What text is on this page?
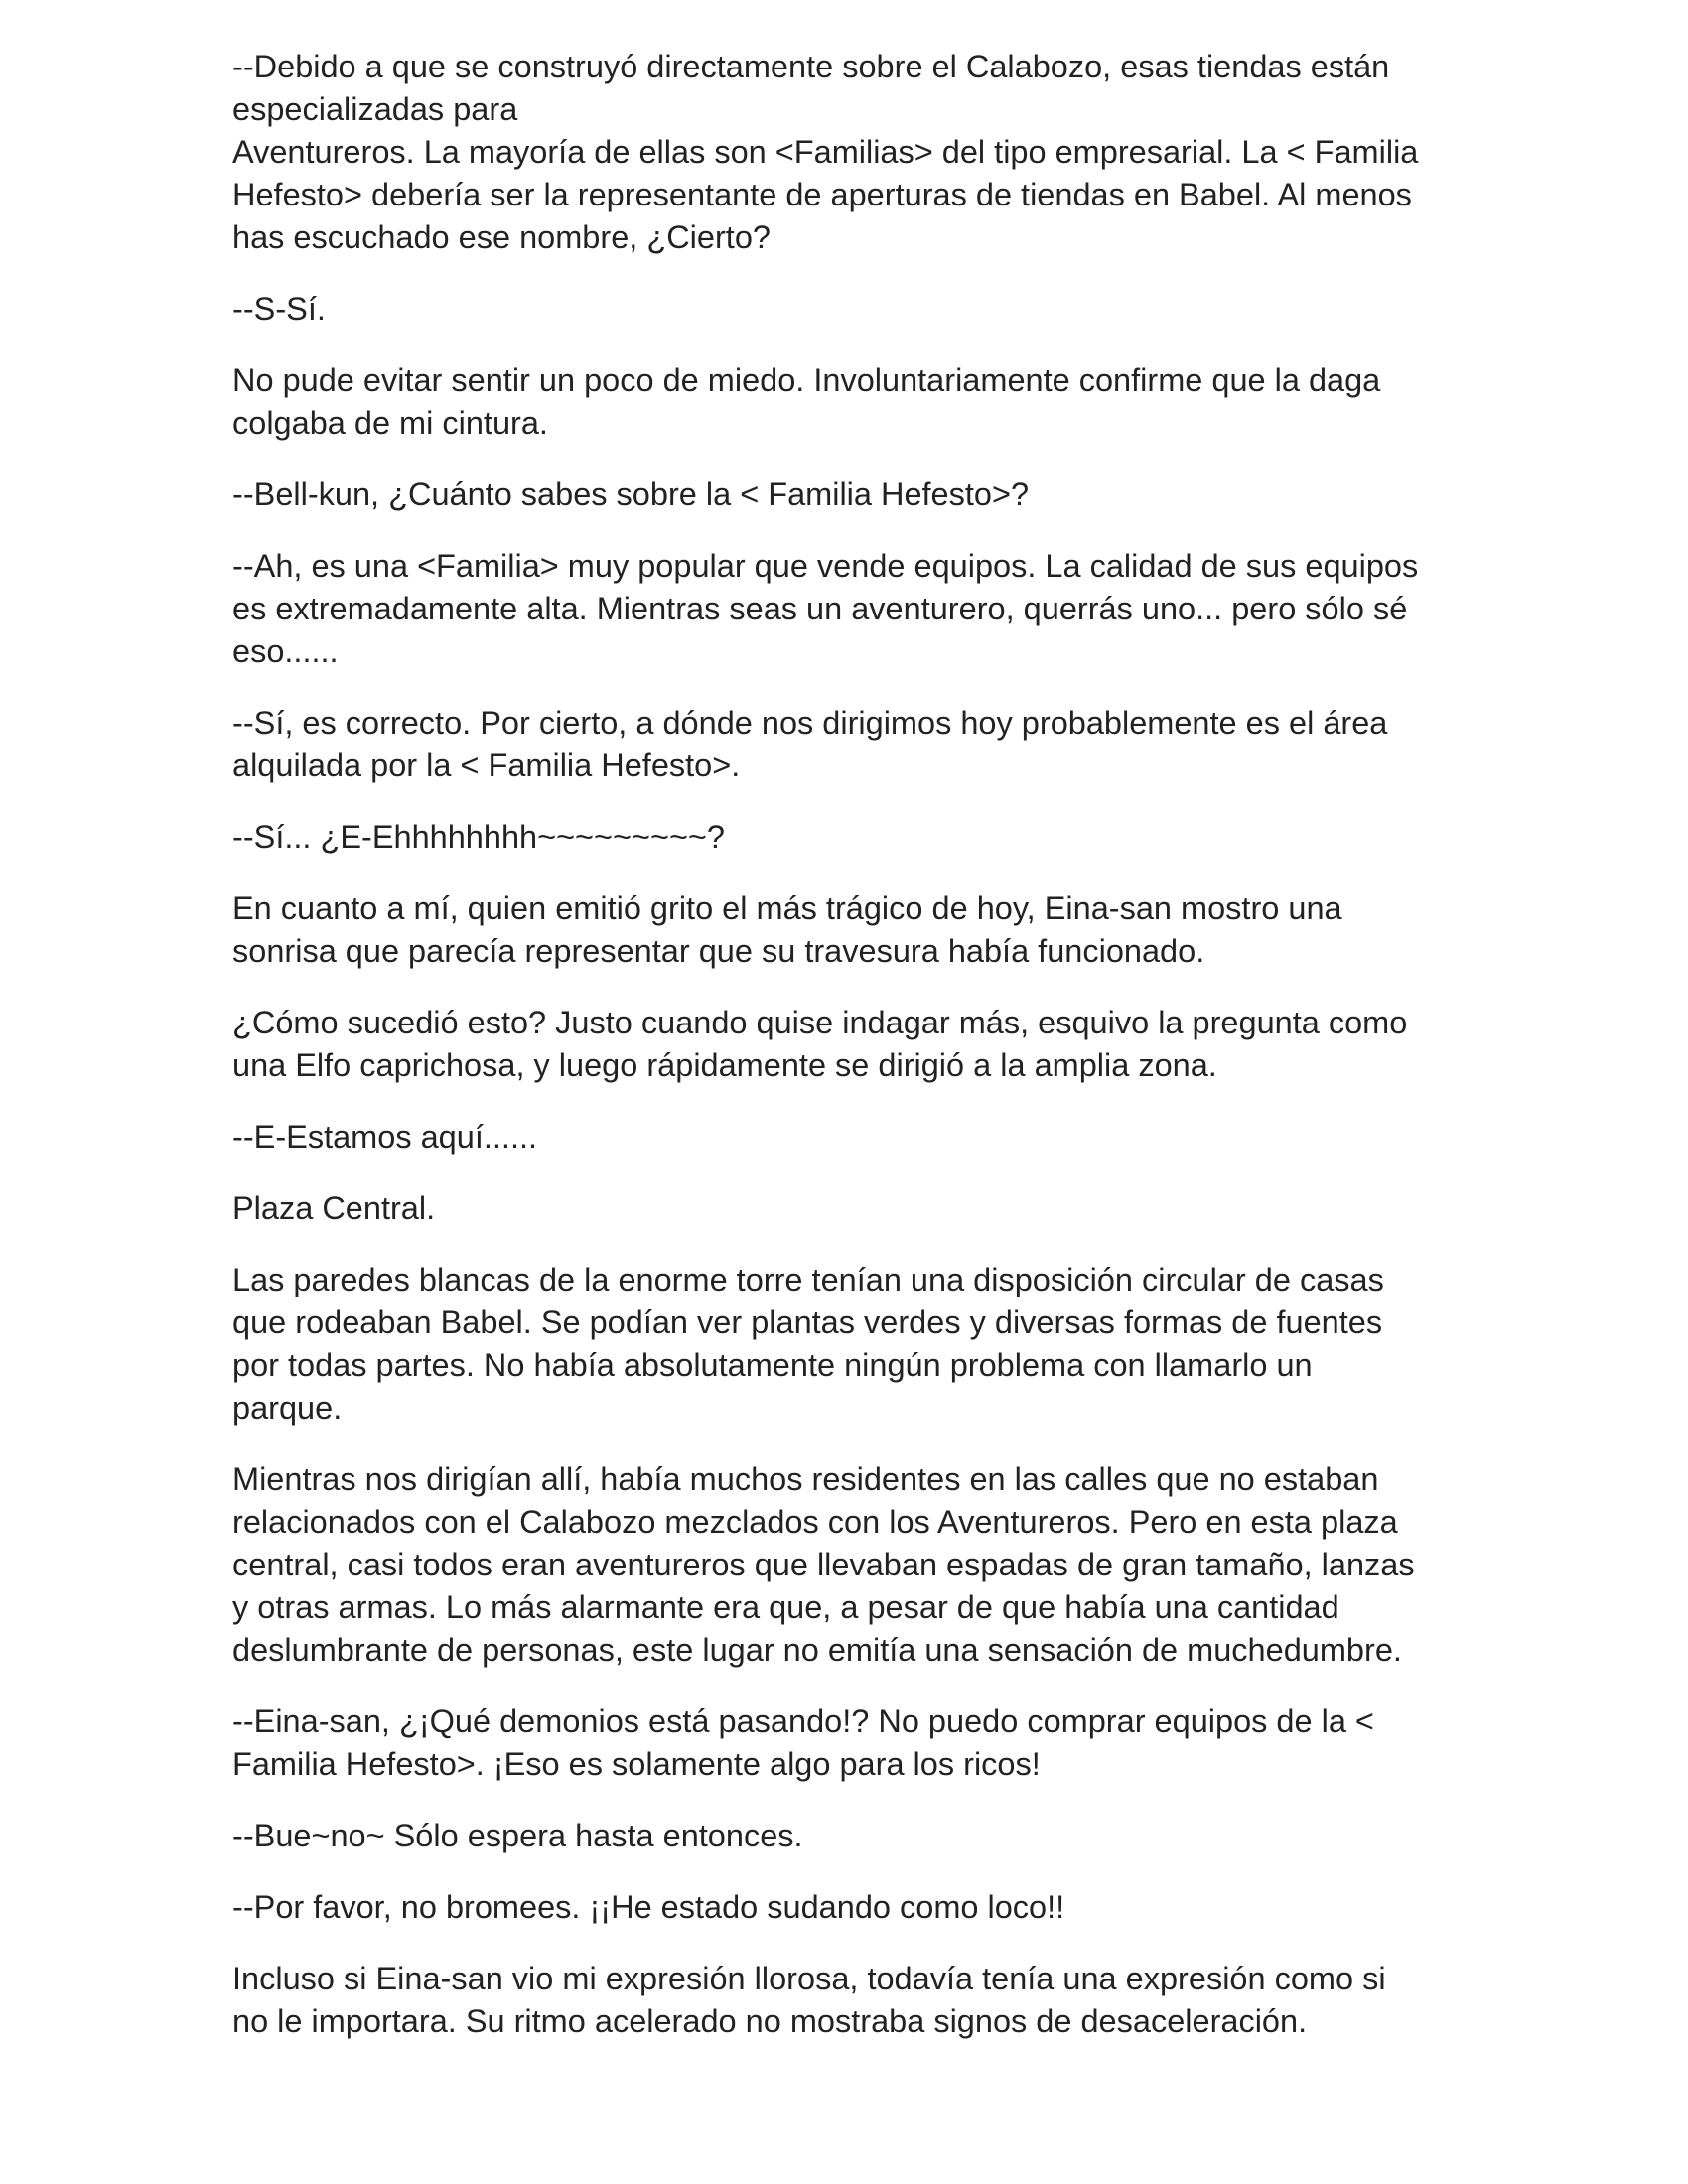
--Debido a que se construyó directamente sobre el Calabozo, esas tiendas están
especializadas para
Aventureros. La mayoría de ellas son <Familias> del tipo empresarial. La < Familia
Hefesto> debería ser la representante de aperturas de tiendas en Babel. Al menos
has escuchado ese nombre, ¿Cierto?

--S-Sí.

No pude evitar sentir un poco de miedo. Involuntariamente confirme que la daga
colgaba de mi cintura.

--Bell-kun, ¿Cuánto sabes sobre la < Familia Hefesto>?

--Ah, es una <Familia> muy popular que vende equipos. La calidad de sus equipos
es extremadamente alta. Mientras seas un aventurero, querrás uno... pero sólo sé
eso......

--Sí, es correcto. Por cierto, a dónde nos dirigimos hoy probablemente es el área
alquilada por la < Familia Hefesto>.

--Sí... ¿E-Ehhhhhhhh~~~~~~~~~?

En cuanto a mí, quien emitió grito el más trágico de hoy, Eina-san mostro una
sonrisa que parecía representar que su travesura había funcionado.

¿Cómo sucedió esto? Justo cuando quise indagar más, esquivo la pregunta como
una Elfo caprichosa, y luego rápidamente se dirigió a la amplia zona.

--E-Estamos aquí......

Plaza Central.

Las paredes blancas de la enorme torre tenían una disposición circular de casas
que rodeaban Babel. Se podían ver plantas verdes y diversas formas de fuentes
por todas partes. No había absolutamente ningún problema con llamarlo un
parque.

Mientras nos dirigían allí, había muchos residentes en las calles que no estaban
relacionados con el Calabozo mezclados con los Aventureros. Pero en esta plaza
central, casi todos eran aventureros que llevaban espadas de gran tamaño, lanzas
y otras armas. Lo más alarmante era que, a pesar de que había una cantidad
deslumbrante de personas, este lugar no emitía una sensación de muchedumbre.

--Eina-san, ¿¡Qué demonios está pasando!? No puedo comprar equipos de la <
Familia Hefesto>. ¡Eso es solamente algo para los ricos!

--Bue~no~ Sólo espera hasta entonces.

--Por favor, no bromees. ¡¡He estado sudando como loco!!

Incluso si Eina-san vio mi expresión llorosa, todavía tenía una expresión como si
no le importara. Su ritmo acelerado no mostraba signos de desaceleración.
